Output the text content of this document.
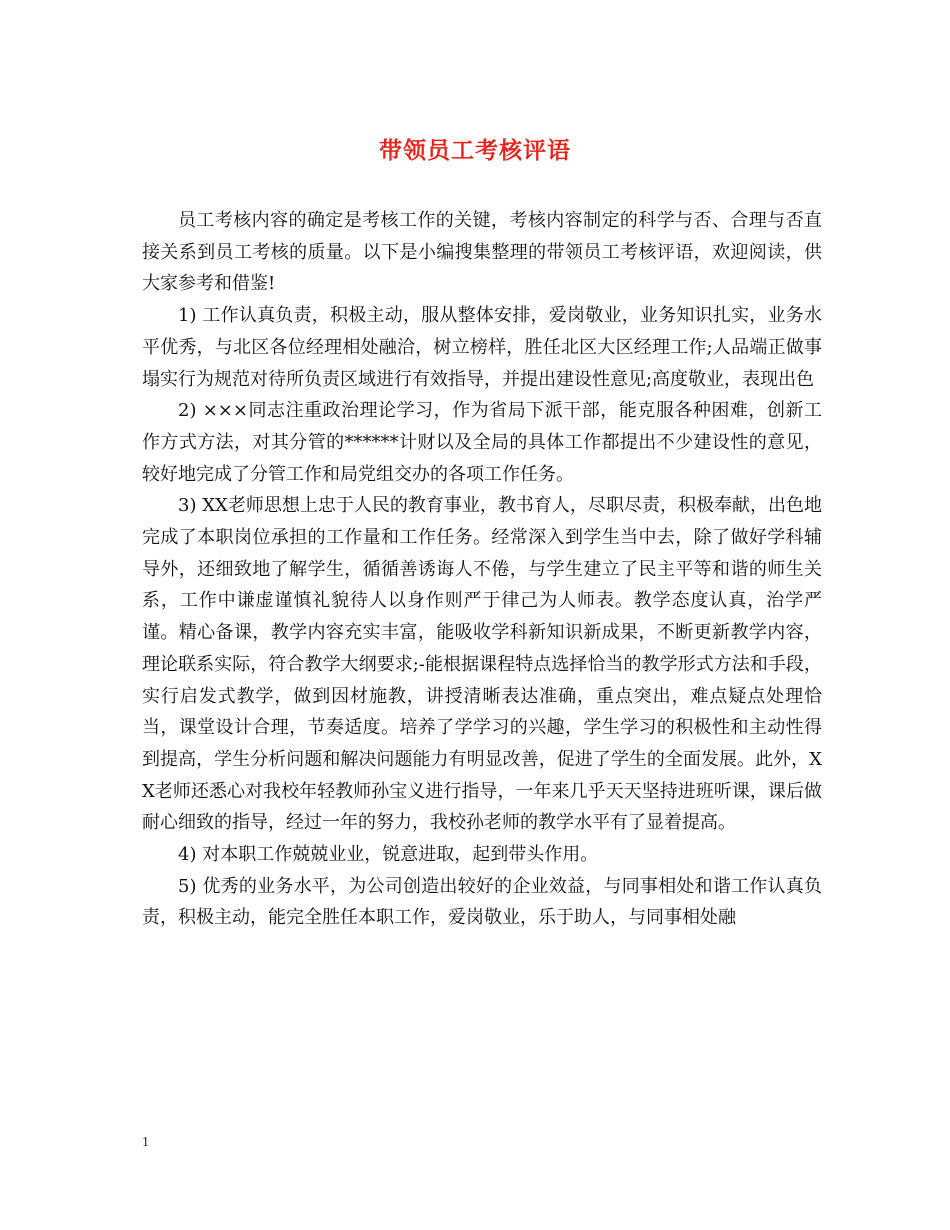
带领员工考核评语

员工考核内容的确定是考核工作的关键，考核内容制定的科学与否、合理与否直接关系到员工考核的质量。以下是小编搜集整理的带领员工考核评语，欢迎阅读，供大家参考和借鉴!

1) 工作认真负责，积极主动，服从整体安排，爱岗敬业，业务知识扎实，业务水平优秀，与北区各位经理相处融洽，树立榜样，胜任北区大区经理工作;人品端正做事塌实行为规范对待所负责区域进行有效指导，并提出建设性意见;高度敬业，表现出色

2) ×××同志注重政治理论学习，作为省局下派干部，能克服各种困难，创新工作方式方法，对其分管的******计财以及全局的具体工作都提出不少建设性的意见，较好地完成了分管工作和局党组交办的各项工作任务。

3) XX老师思想上忠于人民的教育事业，教书育人，尽职尽责，积极奉献，出色地完成了本职岗位承担的工作量和工作任务。经常深入到学生当中去，除了做好学科辅导外，还细致地了解学生，循循善诱诲人不倦，与学生建立了民主平等和谐的师生关系，工作中谦虚谨慎礼貌待人以身作则严于律己为人师表。教学态度认真，治学严谨。精心备课，教学内容充实丰富，能吸收学科新知识新成果，不断更新教学内容，理论联系实际，符合教学大纲要求;-能根据课程特点选择恰当的教学形式方法和手段，实行启发式教学，做到因材施教，讲授清晰表达准确，重点突出，难点疑点处理恰当，课堂设计合理，节奏适度。培养了学学习的兴趣，学生学习的积极性和主动性得到提高，学生分析问题和解决问题能力有明显改善，促进了学生的全面发展。此外，XX老师还悉心对我校年轻教师孙宝义进行指导，一年来几乎天天坚持进班听课，课后做耐心细致的指导，经过一年的努力，我校孙老师的教学水平有了显着提高。

4) 对本职工作兢兢业业，锐意进取，起到带头作用。

5) 优秀的业务水平，为公司创造出较好的企业效益，与同事相处和谐工作认真负责，积极主动，能完全胜任本职工作，爱岗敬业，乐于助人，与同事相处融

1
